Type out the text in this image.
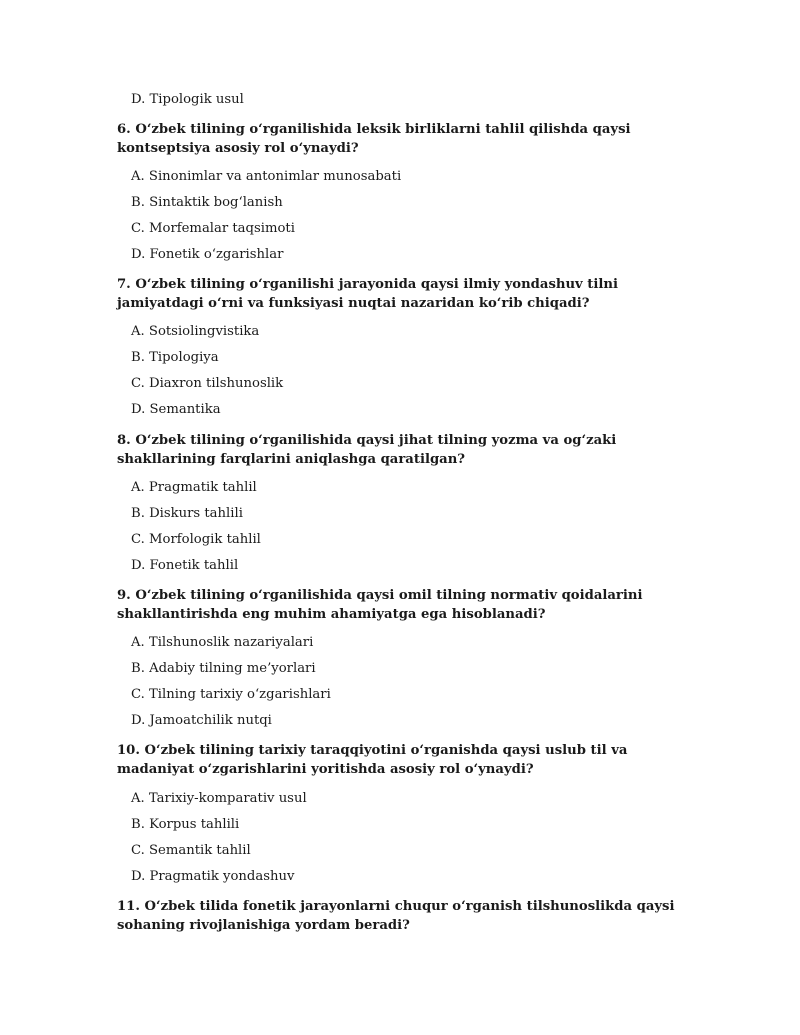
D. Tipologik usul

6. O‘zbek tilining o‘rganilishida leksik birliklarni tahlil qilishda qaysi kontseptsiya asosiy rol o‘ynaydi?

A. Sinonimlar va antonimlar munosabati

B. Sintaktik bog‘lanish

C. Morfemalar taqsimoti

D. Fonetik o‘zgarishlar

7. O‘zbek tilining o‘rganilishi jarayonida qaysi ilmiy yondashuv tilni jamiyatdagi o‘rni va funksiyasi nuqtai nazaridan ko‘rib chiqadi?

A. Sotsiolingvistika

B. Tipologiya

C. Diaxron tilshunoslik

D. Semantika

8. O‘zbek tilining o‘rganilishida qaysi jihat tilning yozma va og‘zaki shakllarining farqlarini aniqlashga qaratilgan?

A. Pragmatik tahlil

B. Diskurs tahlili

C. Morfologik tahlil

D. Fonetik tahlil

9. O‘zbek tilining o‘rganilishida qaysi omil tilning normativ qoidalarini shakllantirishda eng muhim ahamiyatga ega hisoblanadi?

A. Tilshunoslik nazariyalari

B. Adabiy tilning me’yorlari

C. Tilning tarixiy o‘zgarishlari

D. Jamoatchilik nutqi

10. O‘zbek tilining tarixiy taraqqiyotini o‘rganishda qaysi uslub til va madaniyat o‘zgarishlarini yoritishda asosiy rol o‘ynaydi?

A. Tarixiy-komparativ usul

B. Korpus tahlili

C. Semantik tahlil

D. Pragmatik yondashuv

11. O‘zbek tilida fonetik jarayonlarni chuqur o‘rganish tilshunoslikda qaysi sohaning rivojlanishiga yordam beradi?
